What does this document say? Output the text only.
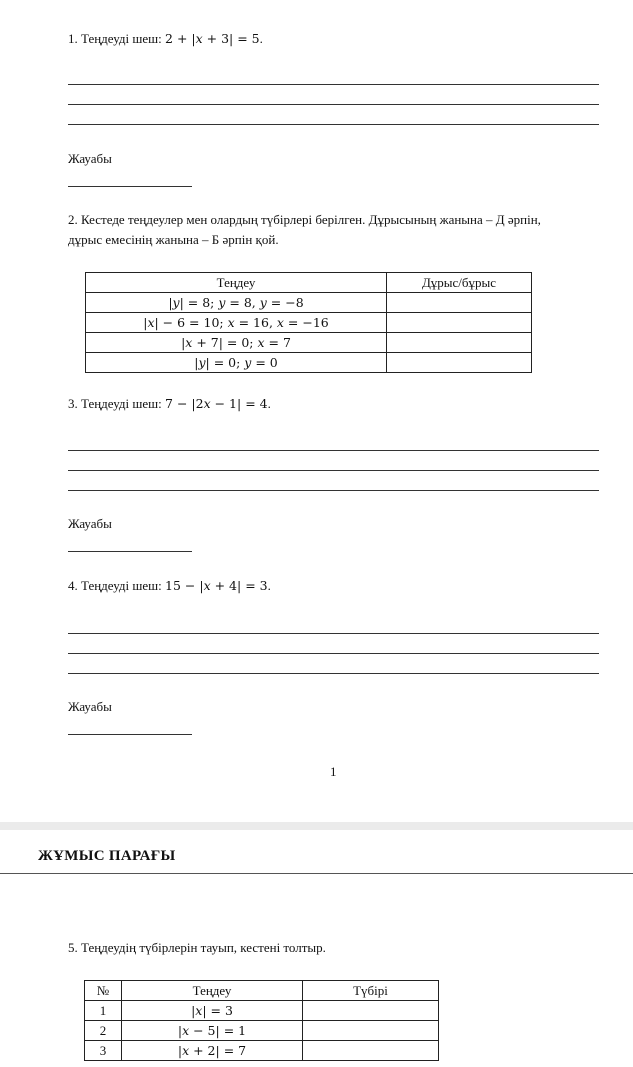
1. Теңдеуді шеш: 2 + |𝑥 + 3| = 5.
Жауабы
2. Кестеде теңдеулер мен олардың түбірлері берілген. Дұрысының жанына – Д әрпін,
дұрыс емесінің жанына – Б әрпін қой.
Теңдеу	Дұрыс/бұрыс
|𝑦| = 8; 𝑦 = 8, 𝑦 = −8	
|𝑥| − 6 = 10; 𝑥 = 16, 𝑥 = −16	
|𝑥 + 7| = 0; 𝑥 = 7	
|𝑦| = 0; 𝑦 = 0	
3. Теңдеуді шеш: 7 − |2𝑥 − 1| = 4.
Жауабы
4. Теңдеуді шеш: 15 − |𝑥 + 4| = 3.
Жауабы
1
ЖҰМЫС ПАРАҒЫ
5. Теңдеудің түбірлерін тауып, кестені толтыр.
№	Теңдеу	Түбірі
1	|𝑥| = 3	
2	|𝑥 − 5| = 1	
3	|𝑥 + 2| = 7	
